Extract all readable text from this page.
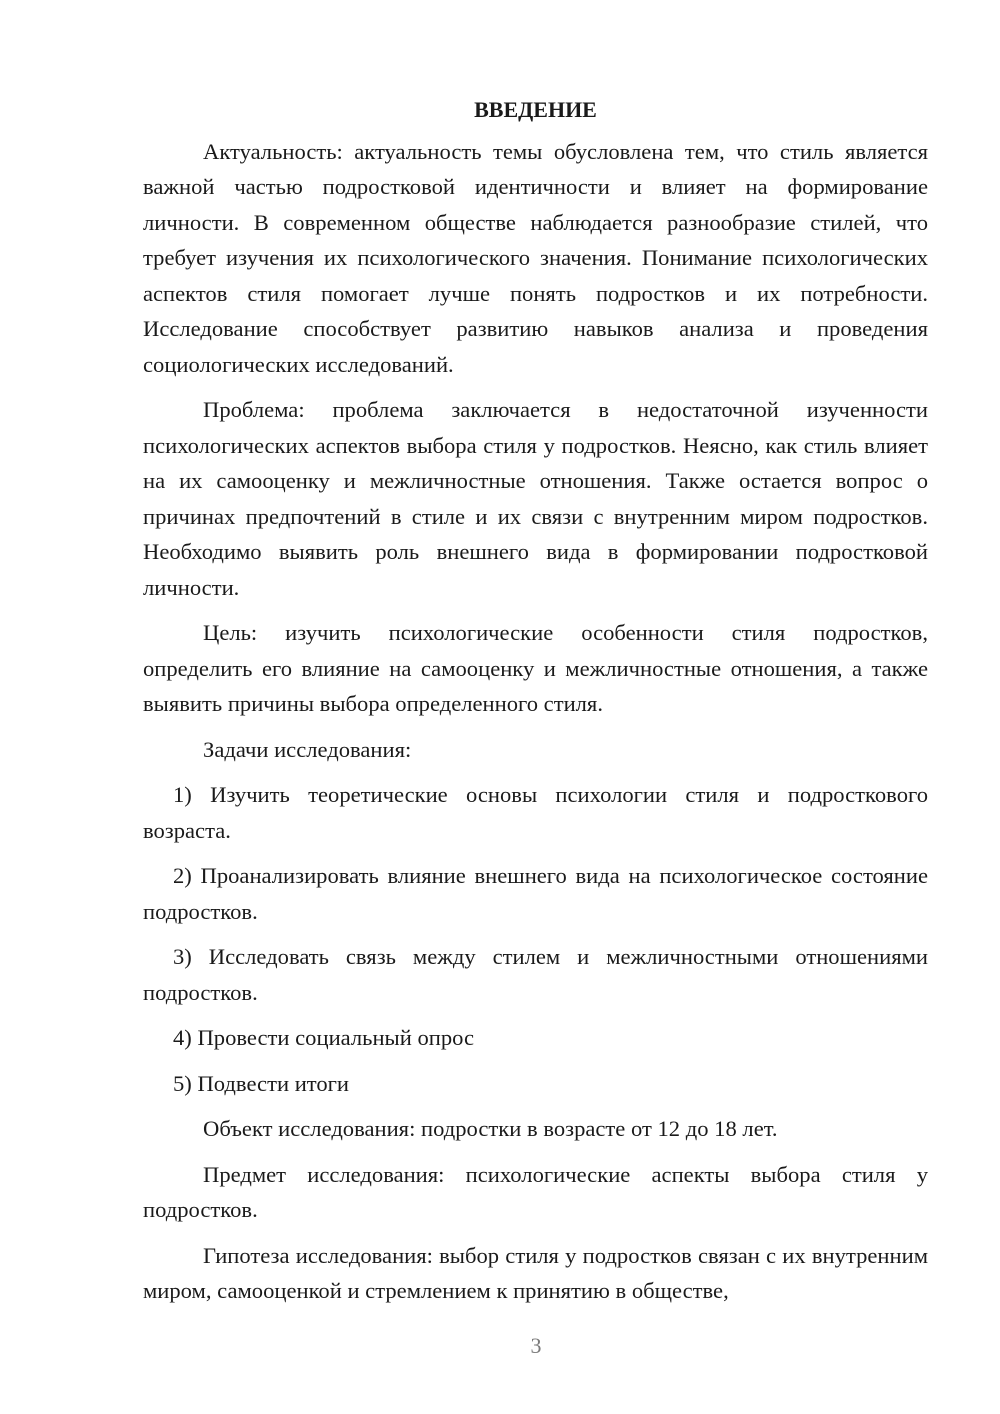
ВВЕДЕНИЕ

Актуальность: актуальность темы обусловлена тем, что стиль является важной частью подростковой идентичности и влияет на формирование личности. В современном обществе наблюдается разнообразие стилей, что требует изучения их психологического значения. Понимание психологических аспектов стиля помогает лучше понять подростков и их потребности. Исследование способствует развитию навыков анализа и проведения социологических исследований.

Проблема: проблема заключается в недостаточной изученности психологических аспектов выбора стиля у подростков. Неясно, как стиль влияет на их самооценку и межличностные отношения. Также остается вопрос о причинах предпочтений в стиле и их связи с внутренним миром подростков. Необходимо выявить роль внешнего вида в формировании подростковой личности.

Цель: изучить психологические особенности стиля подростков, определить его влияние на самооценку и межличностные отношения, а также выявить причины выбора определенного стиля.

Задачи исследования:

1) Изучить теоретические основы психологии стиля и подросткового возраста.

2) Проанализировать влияние внешнего вида на психологическое состояние подростков.

3) Исследовать связь между стилем и межличностными отношениями подростков.

4) Провести социальный опрос

5) Подвести итоги

Объект исследования: подростки в возрасте от 12 до 18 лет.

Предмет исследования: психологические аспекты выбора стиля у подростков.

Гипотеза исследования: выбор стиля у подростков связан с их внутренним миром, самооценкой и стремлением к принятию в обществе,

3
